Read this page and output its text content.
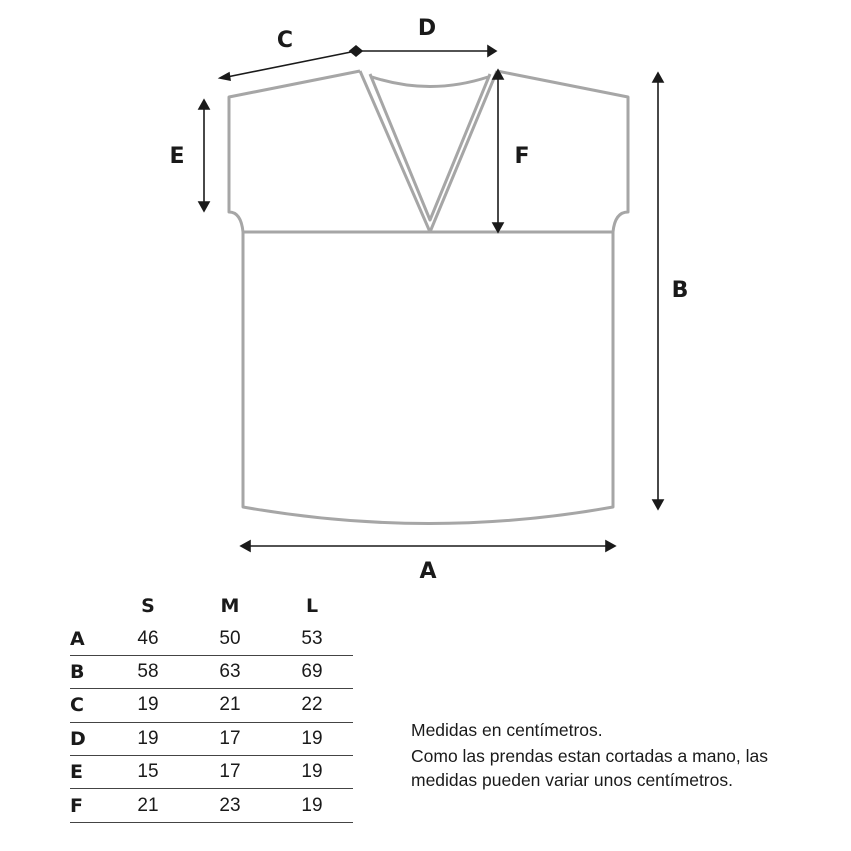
C	D
E	F
B
A
	S	M	L
A	46	50	53
B	58	63	69
C	19	21	22
D	19	17	19
E	15	17	19
F	21	23	19

Medidas en centímetros.

Como las prendas estan cortadas a mano, las medidas pueden variar unos centímetros.
